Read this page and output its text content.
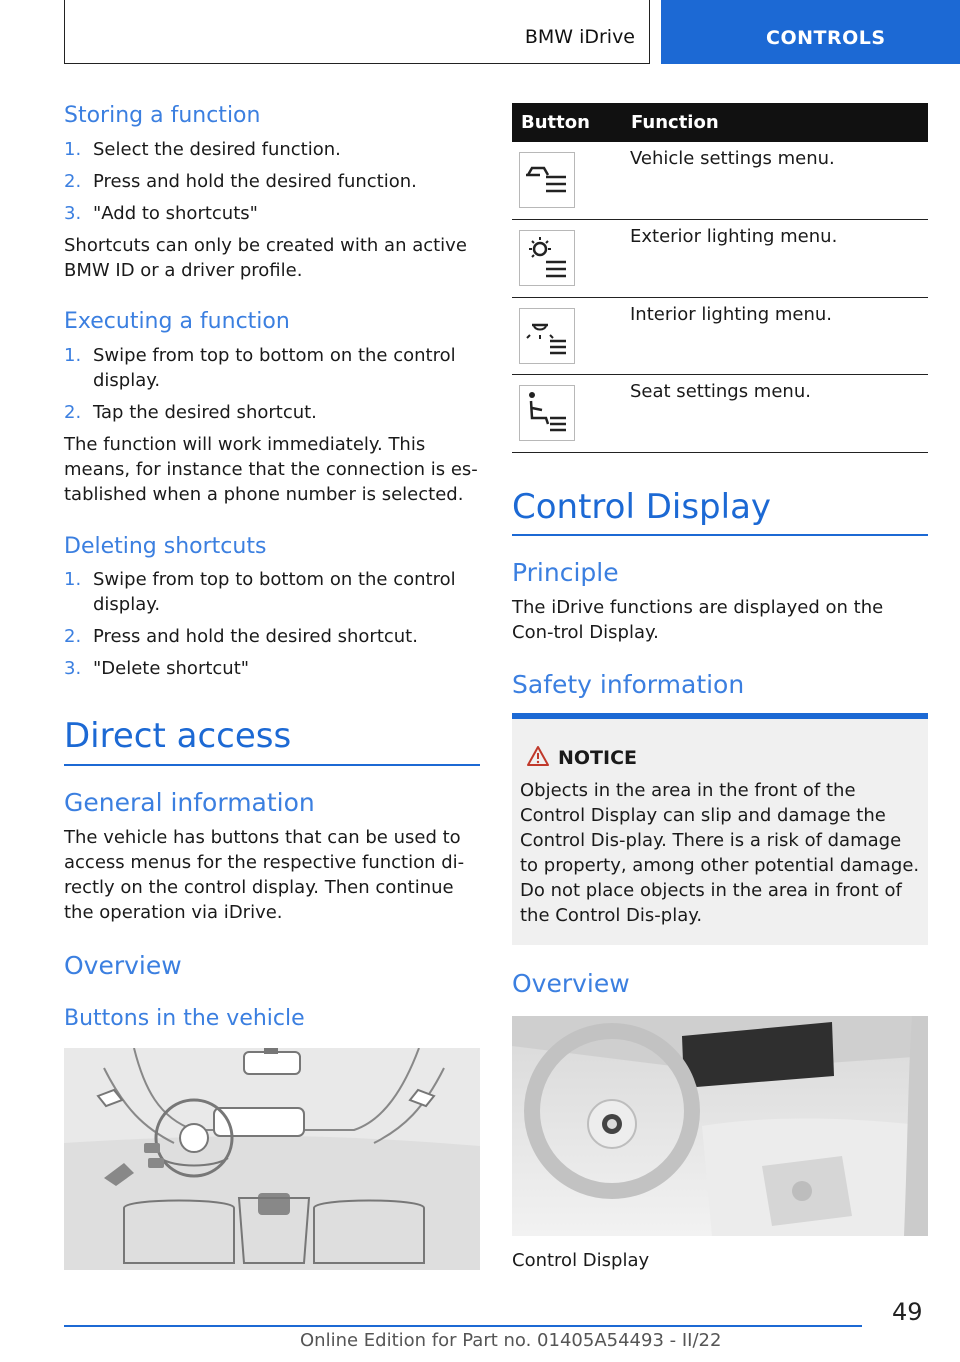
BMW iDrive	CONTROLS
Storing a function
1. Select the desired function.
2. Press and hold the desired function.
3. "Add to shortcuts"
Shortcuts can only be created with an active BMW ID or a driver profile.
Executing a function
1. Swipe from top to bottom on the control display.
2. Tap the desired shortcut.
The function will work immediately. This means, for instance that the connection is es-tablished when a phone number is selected.
Deleting shortcuts
1. Swipe from top to bottom on the control display.
2. Press and hold the desired shortcut.
3. "Delete shortcut"
Direct access
General information
The vehicle has buttons that can be used to access menus for the respective function di-rectly on the control display. Then continue the operation via iDrive.
Overview
Buttons in the vehicle
Button Function
Vehicle settings menu.
Exterior lighting menu.
Interior lighting menu.
Seat settings menu.
Control Display
Principle
The iDrive functions are displayed on the Con-trol Display.
Safety information
NOTICE
Objects in the area in the front of the Control Display can slip and damage the Control Dis-play. There is a risk of damage to property, among other potential damage. Do not place objects in the area in front of the Control Dis-play.
Overview
Control Display
49
Online Edition for Part no. 01405A54493 - II/22
